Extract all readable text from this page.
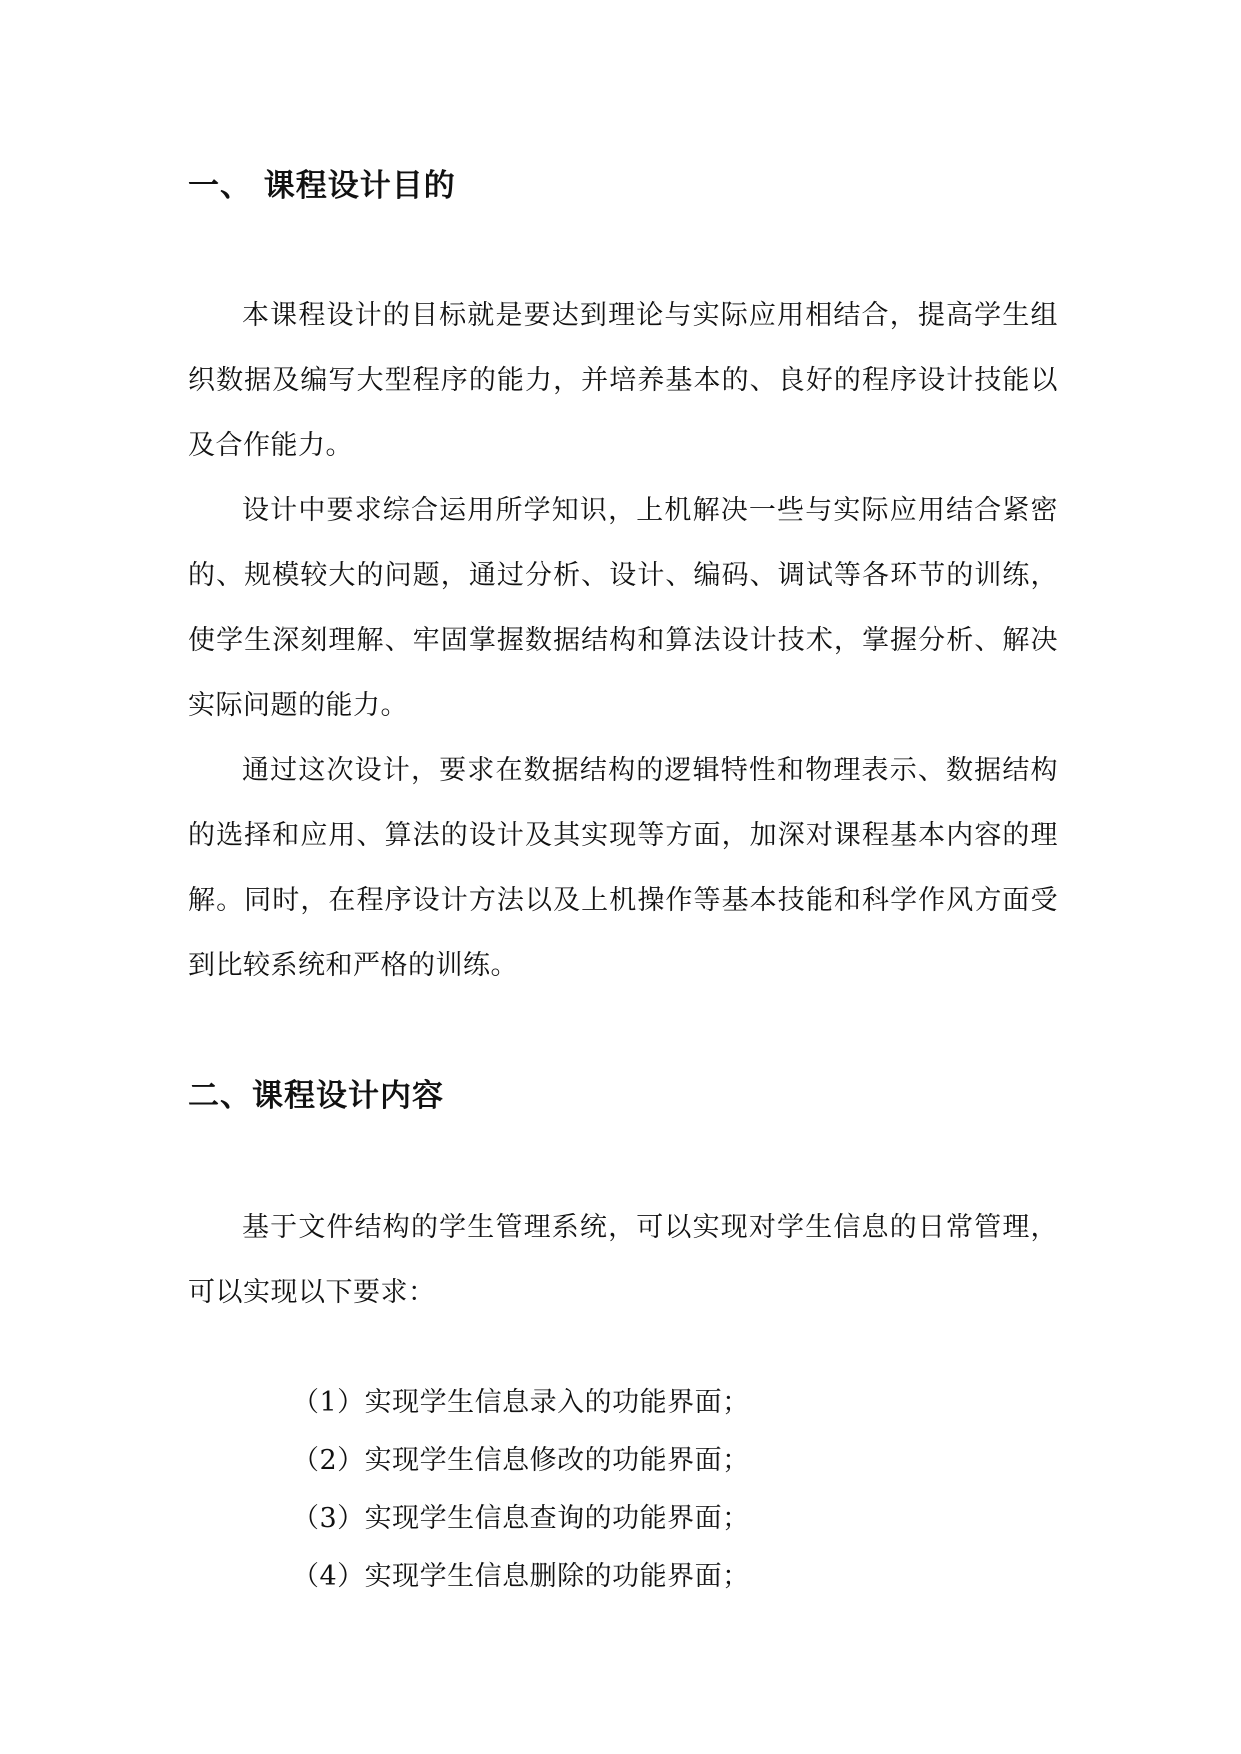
一、 课程设计目的

本课程设计的目标就是要达到理论与实际应用相结合，提高学生组织数据及编写大型程序的能力，并培养基本的、良好的程序设计技能以及合作能力。

设计中要求综合运用所学知识，上机解决一些与实际应用结合紧密的、规模较大的问题，通过分析、设计、编码、调试等各环节的训练，使学生深刻理解、牢固掌握数据结构和算法设计技术，掌握分析、解决实际问题的能力。

通过这次设计，要求在数据结构的逻辑特性和物理表示、数据结构的选择和应用、算法的设计及其实现等方面，加深对课程基本内容的理解。同时，在程序设计方法以及上机操作等基本技能和科学作风方面受到比较系统和严格的训练。

二、课程设计内容

基于文件结构的学生管理系统，可以实现对学生信息的日常管理，可以实现以下要求：

（1）实现学生信息录入的功能界面；
（2）实现学生信息修改的功能界面；
（3）实现学生信息查询的功能界面；
（4）实现学生信息删除的功能界面；
